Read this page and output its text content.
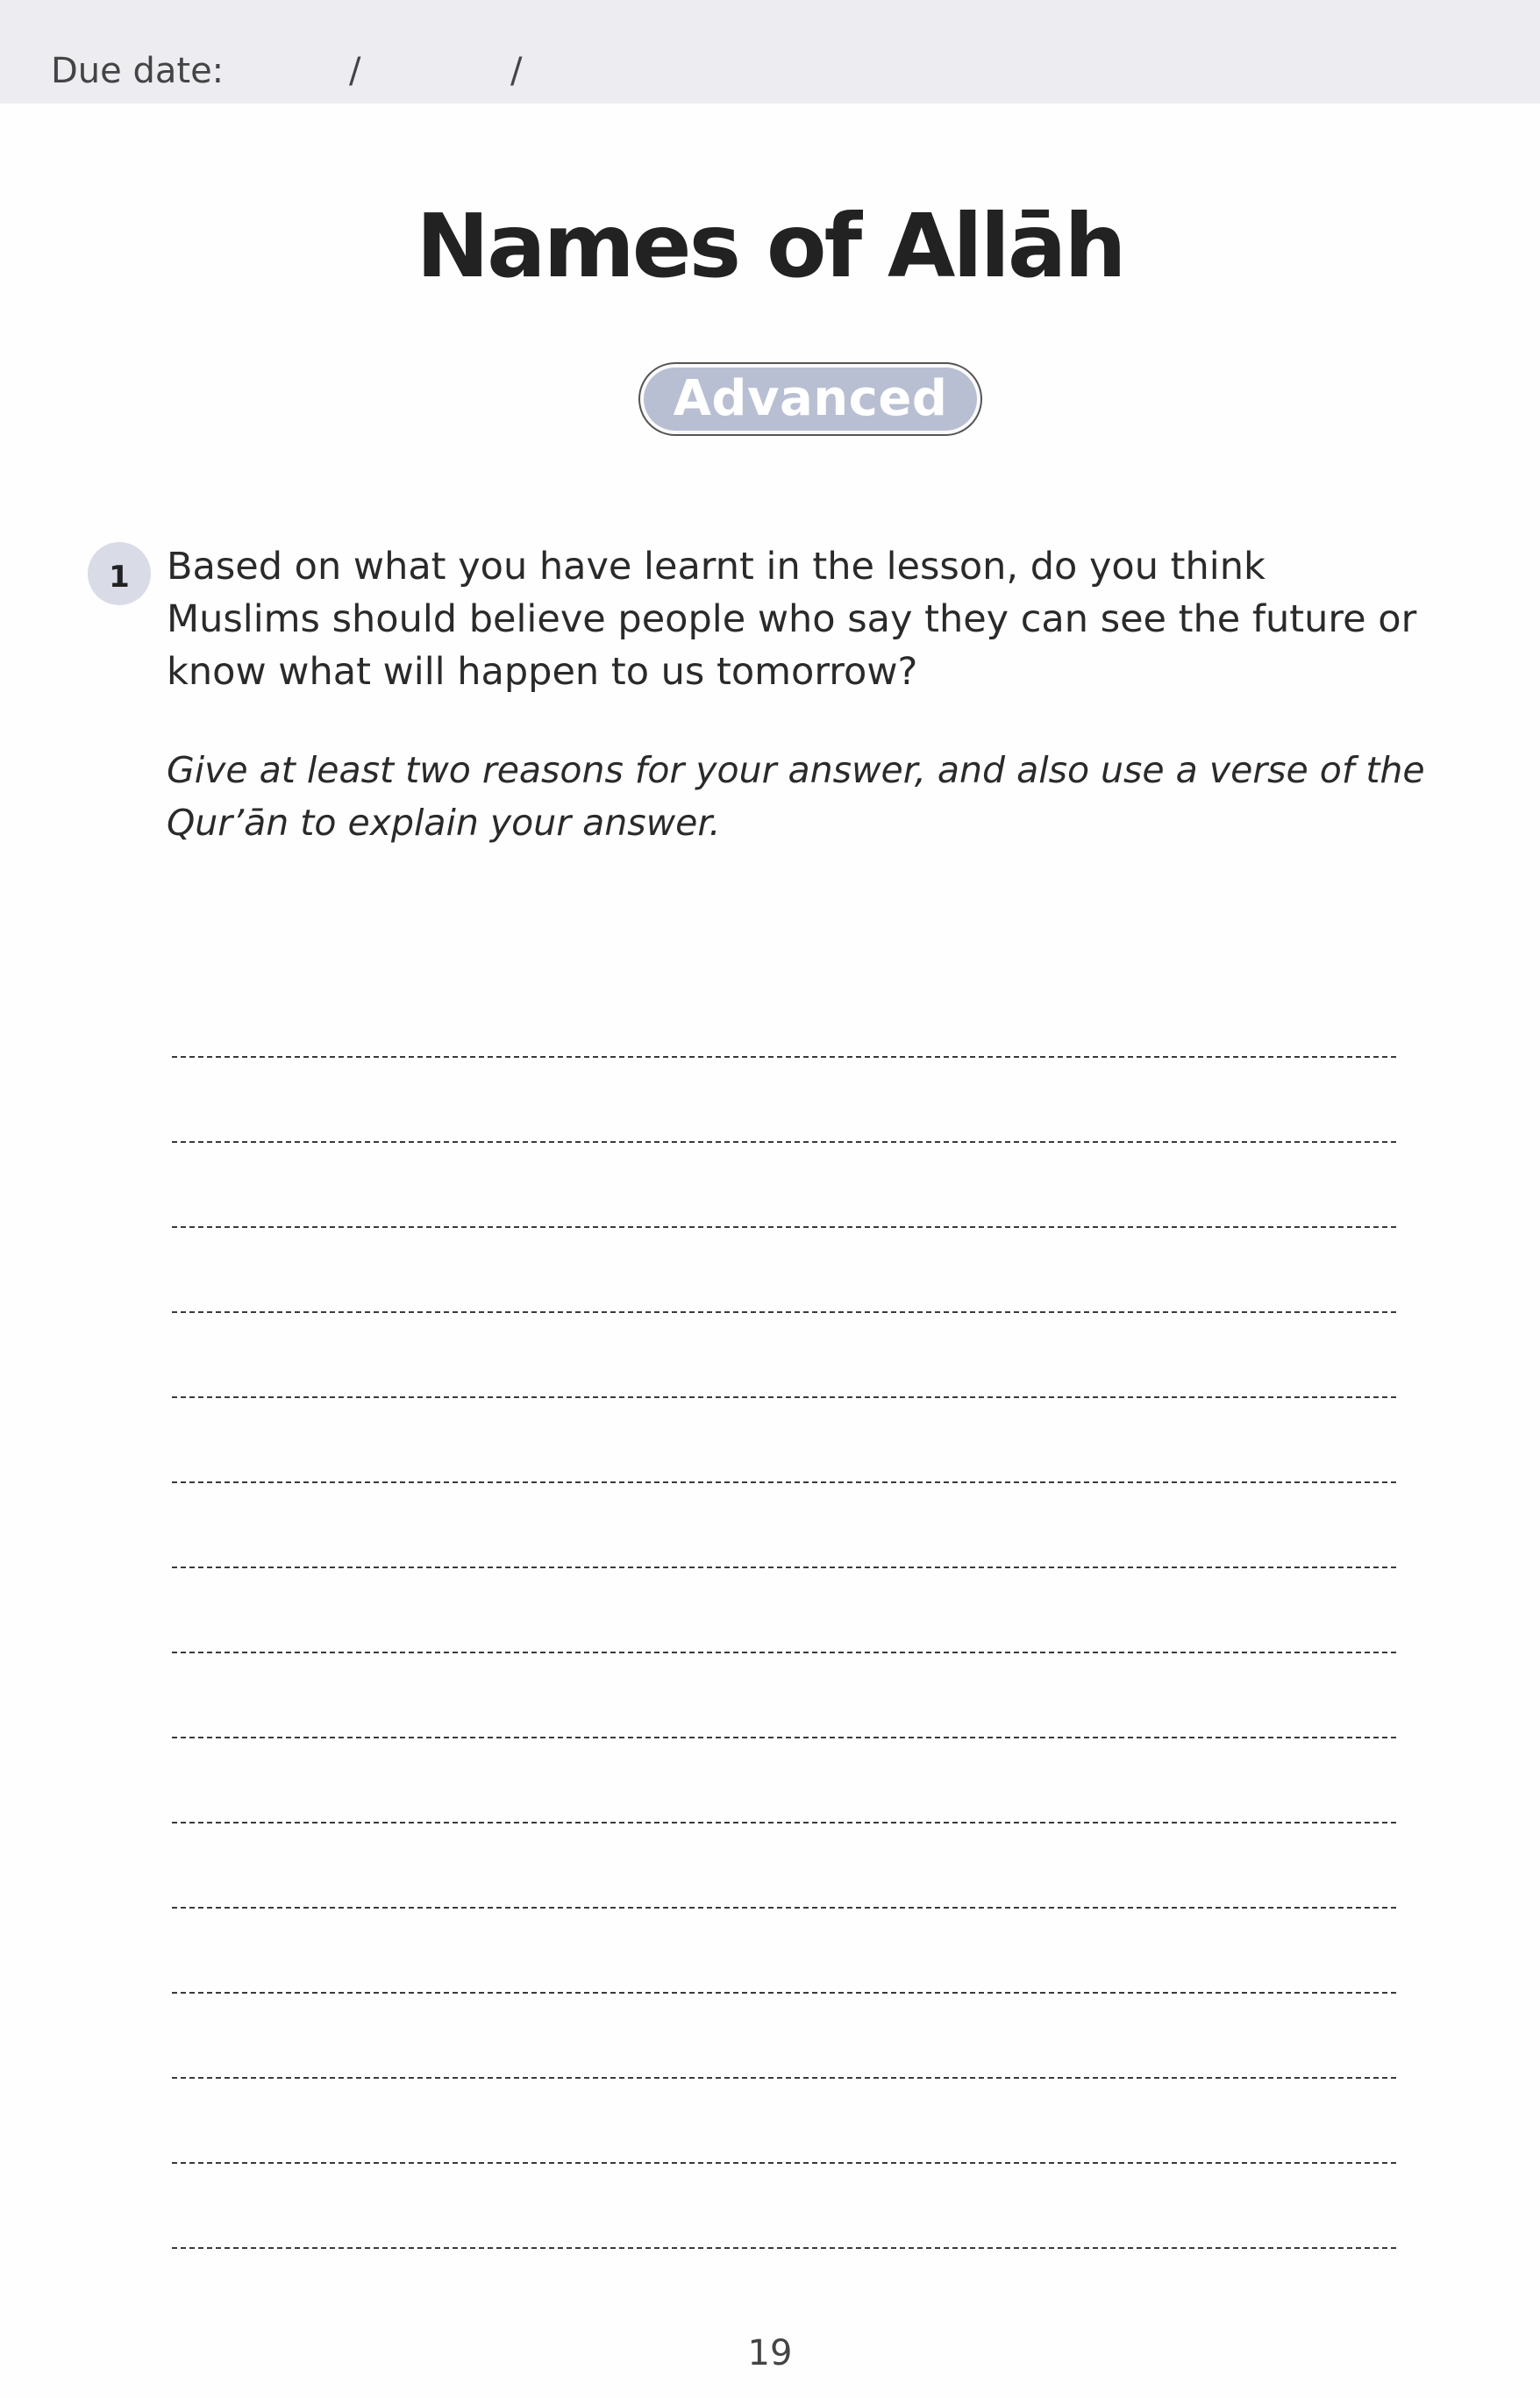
Due date:	/	/
Names of Allāh
Advanced
1 Based on what you have learnt in the lesson, do you think Muslims should believe people who say they can see the future or know what will happen to us tomorrow?
Give at least two reasons for your answer, and also use a verse of the Qur’ān to explain your answer.
19
